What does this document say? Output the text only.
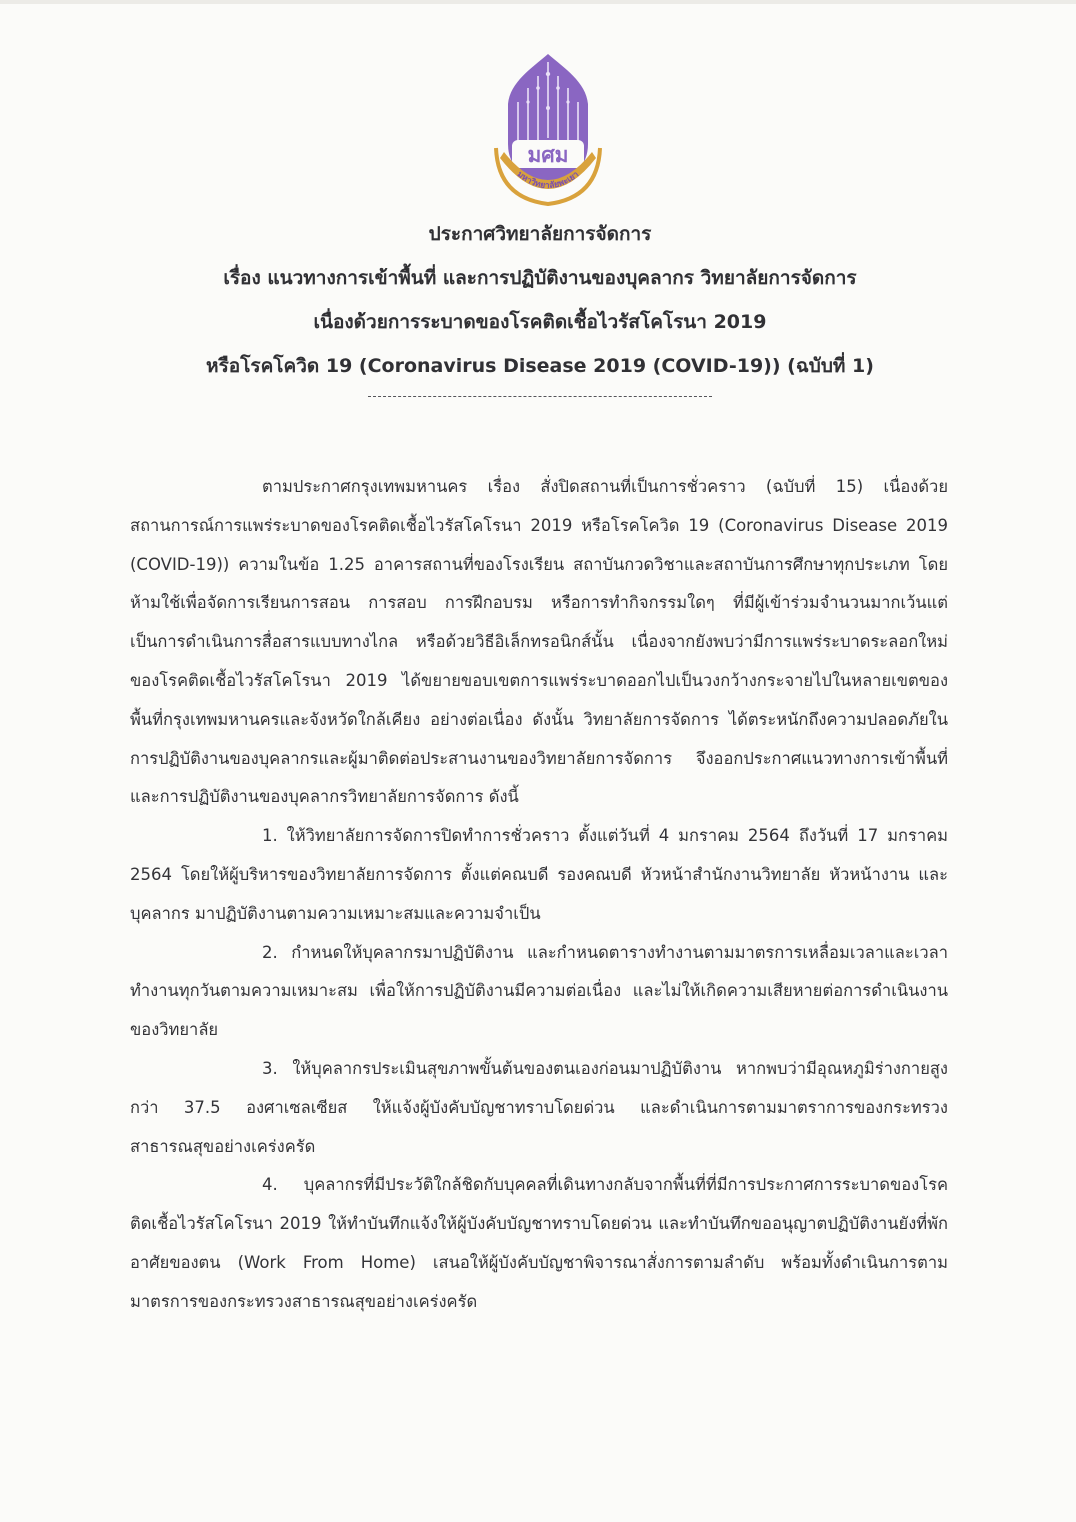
มศม
มหาวิทยาลัยพะเยา
ประกาศวิทยาลัยการจัดการ
เรื่อง แนวทางการเข้าพื้นที่ และการปฏิบัติงานของบุคลากร วิทยาลัยการจัดการ
เนื่องด้วยการระบาดของโรคติดเชื้อไวรัสโคโรนา 2019
หรือโรคโควิด 19 (Coronavirus Disease 2019 (COVID-19)) (ฉบับที่ 1)

ตามประกาศกรุงเทพมหานคร เรื่อง สั่งปิดสถานที่เป็นการชั่วคราว (ฉบับที่ 15) เนื่องด้วยสถานการณ์การแพร่ระบาดของโรคติดเชื้อไวรัสโคโรนา 2019 หรือโรคโควิด 19 (Coronavirus Disease 2019 (COVID-19)) ความในข้อ 1.25 อาคารสถานที่ของโรงเรียน สถาบันกวดวิชาและสถาบันการศึกษาทุกประเภท โดยห้ามใช้เพื่อจัดการเรียนการสอน การสอบ การฝึกอบรม หรือการทำกิจกรรมใดๆ ที่มีผู้เข้าร่วมจำนวนมากเว้นแต่เป็นการดำเนินการสื่อสารแบบทางไกล หรือด้วยวิธีอิเล็กทรอนิกส์นั้น เนื่องจากยังพบว่ามีการแพร่ระบาดระลอกใหม่ของโรคติดเชื้อไวรัสโคโรนา 2019 ได้ขยายขอบเขตการแพร่ระบาดออกไปเป็นวงกว้างกระจายไปในหลายเขตของพื้นที่กรุงเทพมหานครและจังหวัดใกล้เคียง อย่างต่อเนื่อง ดังนั้น วิทยาลัยการจัดการ ได้ตระหนักถึงความปลอดภัยในการปฏิบัติงานของบุคลากรและผู้มาติดต่อประสานงานของวิทยาลัยการจัดการ จึงออกประกาศแนวทางการเข้าพื้นที่ และการปฏิบัติงานของบุคลากรวิทยาลัยการจัดการ ดังนี้

1. ให้วิทยาลัยการจัดการปิดทำการชั่วคราว ตั้งแต่วันที่ 4 มกราคม 2564 ถึงวันที่ 17 มกราคม 2564 โดยให้ผู้บริหารของวิทยาลัยการจัดการ ตั้งแต่คณบดี รองคณบดี หัวหน้าสำนักงานวิทยาลัย หัวหน้างาน และบุคลากร มาปฏิบัติงานตามความเหมาะสมและความจำเป็น

2. กำหนดให้บุคลากรมาปฏิบัติงาน และกำหนดตารางทำงานตามมาตรการเหลื่อมเวลาและเวลาทำงานทุกวันตามความเหมาะสม เพื่อให้การปฏิบัติงานมีความต่อเนื่อง และไม่ให้เกิดความเสียหายต่อการดำเนินงานของวิทยาลัย

3. ให้บุคลากรประเมินสุขภาพขั้นต้นของตนเองก่อนมาปฏิบัติงาน หากพบว่ามีอุณหภูมิร่างกายสูงกว่า 37.5 องศาเซลเซียส ให้แจ้งผู้บังคับบัญชาทราบโดยด่วน และดำเนินการตามมาตราการของกระทรวงสาธารณสุขอย่างเคร่งครัด

4. บุคลากรที่มีประวัติใกล้ชิดกับบุคคลที่เดินทางกลับจากพื้นที่ที่มีการประกาศการระบาดของโรคติดเชื้อไวรัสโคโรนา 2019 ให้ทำบันทึกแจ้งให้ผู้บังคับบัญชาทราบโดยด่วน และทำบันทึกขออนุญาตปฏิบัติงานยังที่พักอาศัยของตน (Work From Home) เสนอให้ผู้บังคับบัญชาพิจารณาสั่งการตามลำดับ พร้อมทั้งดำเนินการตามมาตรการของกระทรวงสาธารณสุขอย่างเคร่งครัด
